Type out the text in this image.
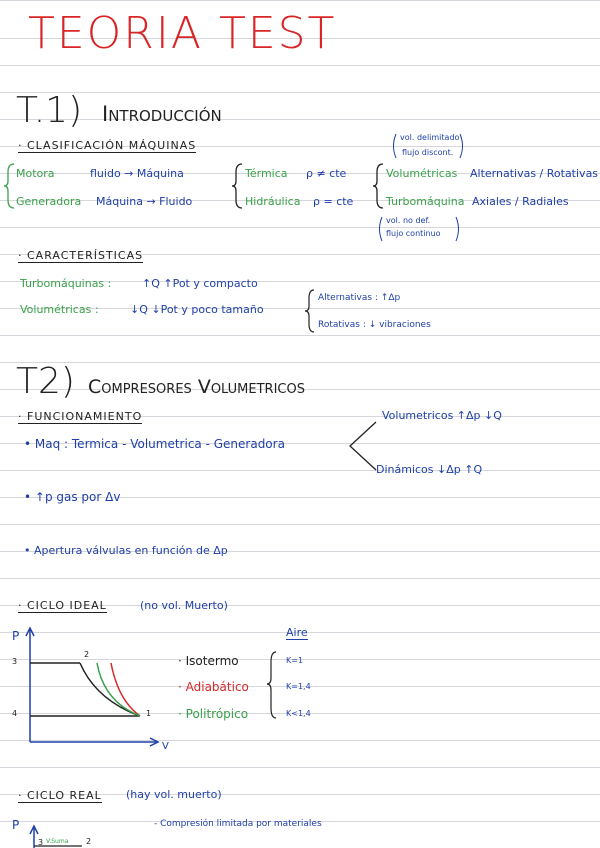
TEORIA TEST
T.1) Introducción
· CLASIFICACIÓN MÁQUINAS
Motora	fluido → Máquina
Generadora Máquina → Fluido
Térmica ρ ≠ cte
Hidráulica ρ = cte
vol. delimitado
flujo discont.
Volumétricas Alternativas / Rotativas
Turbomáquina Axiales / Radiales
vol. no def.
flujo continuo
· CARACTERÍSTICAS
Turbomáquinas :	↑Q ↑Pot y compacto
Volumétricas :	↓Q ↓Pot y poco tamaño
Alternativas : ↑Δp
Rotativas : ↓ vibraciones
T2) Compresores Volumetricos
· FUNCIONAMIENTO
• Maq : Termica - Volumetrica - Generadora
Volumetricos ↑Δp ↓Q
Dinámicos ↓Δp ↑Q
• ↑p gas por Δv
• Apertura válvulas en función de Δp
· CICLO IDEAL	(no vol. Muerto)
P
V
3
4
2
1
Aire
· Isotermo	K=1
· Adiabático	K=1,4
· Politrópico	K<1,4
· CICLO REAL (hay vol. muerto)
P
3 V.Suma 2
- Compresión limitada por materiales
